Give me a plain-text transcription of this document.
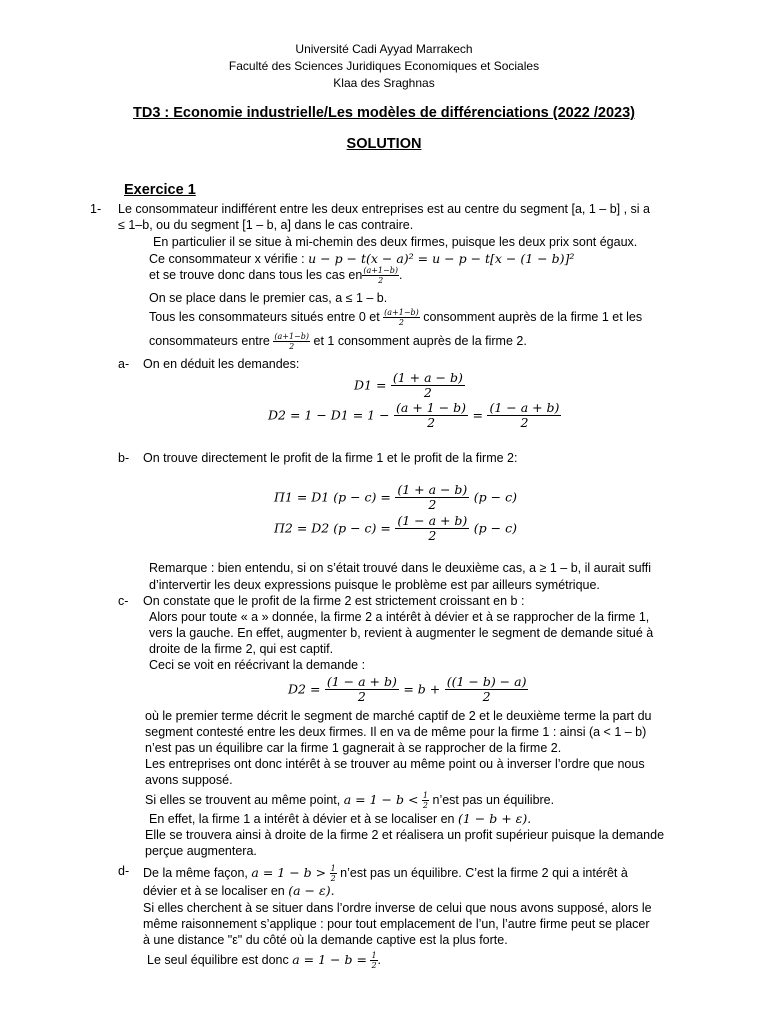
Université Cadi Ayyad Marrakech
Faculté des Sciences Juridiques Economiques et Sociales
Klaa des Sraghnas
TD3 : Economie industrielle/Les modèles de différenciations (2022 /2023)
SOLUTION
Exercice 1
1- Le consommateur indifférent entre les deux entreprises est au centre du segment [a, 1 – b] , si a
≤ 1–b, ou du segment [1 – b, a] dans le cas contraire.
En particulier il se situe à mi-chemin des deux firmes, puisque les deux prix sont égaux.
Ce consommateur x vérifie : u − p − t(x − a)² = u − p − t[x − (1 − b)]²
et se trouve donc dans tous les cas en $\frac{(a+1-b)}{2}$ .
On se place dans le premier cas, a ≤ 1 – b.
Tous les consommateurs situés entre 0 et $\frac{(a+1-b)}{2}$ consomment auprès de la firme 1 et les
consommateurs entre $\frac{(a+1-b)}{2}$ et 1 consomment auprès de la firme 2.
a- On en déduit les demandes:
$D1 = \frac{(1 + a - b)}{2}$
$D2 = 1 - D1 = 1 - \frac{(a + 1 - b)}{2} = \frac{(1 - a + b)}{2}$
b- On trouve directement le profit de la firme 1 et le profit de la firme 2:
Π1 = D1 $(p - c) = \frac{(1 + a - b)}{2} (p - c)$
Π2 = D2 $(p - c) = \frac{(1 - a + b)}{2} (p - c)$
Remarque : bien entendu, si on s’était trouvé dans le deuxième cas, a ≥ 1 – b, il aurait suffi
d’intervertir les deux expressions puisque le problème est par ailleurs symétrique.
c- On constate que le profit de la firme 2 est strictement croissant en b :
Alors pour toute « a » donnée, la firme 2 a intérêt à dévier et à se rapprocher de la firme 1,
vers la gauche. En effet, augmenter b, revient à augmenter le segment de demande situé à
droite de la firme 2, qui est captif.
Ceci se voit en réécrivant la demande :
$D2 = \frac{(1 - a + b)}{2} = b + \frac{((1 - b) - a)}{2}$
où le premier terme décrit le segment de marché captif de 2 et le deuxième terme la part du
segment contesté entre les deux firmes. Il en va de même pour la firme 1 : ainsi (a < 1 – b)
n’est pas un équilibre car la firme 1 gagnerait à se rapprocher de la firme 2.
Les entreprises ont donc intérêt à se trouver au même point ou à inverser l’ordre que nous
avons supposé.
Si elles se trouvent au même point, $a = 1 - b < \frac{1}{2}$ n’est pas un équilibre.
En effet, la firme 1 a intérêt à dévier et à se localiser en (1 − b + ε).
Elle se trouvera ainsi à droite de la firme 2 et réalisera un profit supérieur puisque la demande
perçue augmentera.
d- De la même façon, $a = 1 - b > \frac{1}{2}$ n’est pas un équilibre. C’est la firme 2 qui a intérêt à
dévier et à se localiser en (a − ε).
Si elles cherchent à se situer dans l’ordre inverse de celui que nous avons supposé, alors le
même raisonnement s’applique : pour tout emplacement de l’un, l’autre firme peut se placer
à une distance "ε" du côté où la demande captive est la plus forte.
Le seul équilibre est donc $a = 1 - b = \frac{1}{2}$ .
